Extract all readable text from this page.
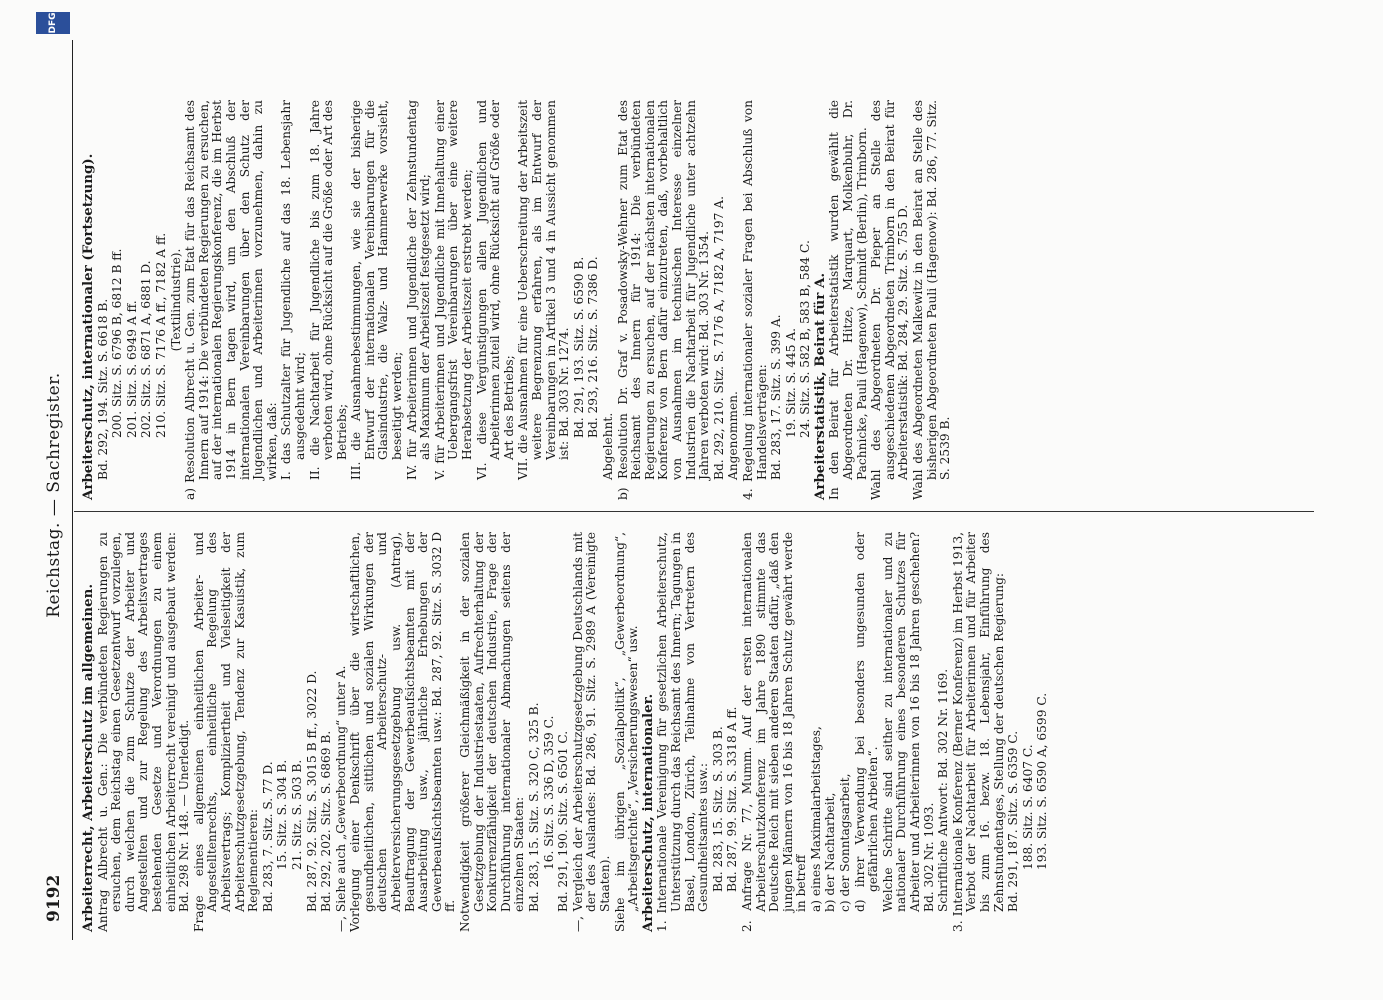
9192
Reichstag. — Sachregister.

Arbeiterrecht, Arbeiterschutz im allgemeinen. Antrag Albrecht u. Gen.: Die verbündeten Regierungen zu ersuchen, dem Reichstag einen Gesetzentwurf vorzulegen, durch welchen die zum Schutze der Arbeiter und Angestellten und zur Regelung des Arbeitsvertrages bestehenden Gesetze und Verordnungen zu einem einheitlichen Arbeiterrecht vereinigt und ausgebaut werden: Bd. 298 Nr. 148. — Unerledigt. Frage eines allgemeinen einheitlichen Arbeiter- und Angestelltenrechts, einheitliche Regelung des Arbeitsvertrags; Kompliziertheit und Vielseitigkeit der Arbeiterschutzgesetzgebung, Tendenz zur Kasuistik, zum Reglementieren: Bd. 283, 7. Sitz. S. 77 D. 15. Sitz. S. 304 B. 21. Sitz. S. 503 B. Bd. 287, 92. Sitz. S. 3015 B ff., 3022 D. Bd. 292, 202. Sitz. S. 6869 B. —, Siehe auch „Gewerbeordnung“ unter A. Vorlegung einer Denkschrift über die wirtschaftlichen, gesundheitlichen, sittlichen und sozialen Wirkungen der deutschen Arbeiterschutz- und Arbeiterversicherungsgesetzgebung usw. (Antrag), Beauftragung der Gewerbeaufsichtsbeamten mit der Ausarbeitung usw., jährliche Erhebungen der Gewerbeaufsichtsbeamten usw.: Bd. 287, 92. Sitz. S. 3032 D ff. Notwendigkeit größerer Gleichmäßigkeit in der sozialen Gesetzgebung der Industriestaaten, Aufrechterhaltung der Konkurrenzfähigkeit der deutschen Industrie, Frage der Durchführung internationaler Abmachungen seitens der einzelnen Staaten: Bd. 283, 15. Sitz. S. 320 C, 325 B. 16. Sitz. S. 336 D, 359 C. Bd. 291, 190. Sitz. S. 6501 C. —, Vergleich der Arbeiterschutzgesetzgebung Deutschlands mit der des Auslandes: Bd. 286, 91. Sitz. S. 2989 A (Vereinigte Staaten). Siehe im übrigen „Sozialpolitik“, „Gewerbeordnung“, „Arbeitsgerichte“, „Versicherungswesen“ usw. Arbeiterschutz, internationaler. 1. Internationale Vereinigung für gesetzlichen Arbeiterschutz, Unterstützung durch das Reichsamt des Innern; Tagungen in Basel, London, Zürich, Teilnahme von Vertretern des Gesundheitsamtes usw.: Bd. 283, 15. Sitz. S. 303 B. Bd. 287, 99. Sitz. S. 3318 A ff. 2. Anfrage Nr. 77, Mumm. Auf der ersten internationalen Arbeiterschutzkonferenz im Jahre 1890 stimmte das Deutsche Reich mit sieben anderen Staaten dafür, „daß den jungen Männern von 16 bis 18 Jahren Schutz gewährt werde in betreff a) eines Maximalarbeitstages, b) der Nachtarbeit, c) der Sonntagsarbeit, d) ihrer Verwendung bei besonders ungesunden oder gefährlichen Arbeiten“. Welche Schritte sind seither zu internationaler und zu nationaler Durchführung eines besonderen Schutzes für Arbeiter und Arbeiterinnen von 16 bis 18 Jahren geschehen? Bd. 302 Nr. 1093. Schriftliche Antwort: Bd. 302 Nr. 1169. 3. Internationale Konferenz (Berner Konferenz) im Herbst 1913, Verbot der Nachtarbeit für Arbeiterinnen und für Arbeiter bis zum 16. bezw. 18. Lebensjahr, Einführung des Zehnstundentages, Stellung der deutschen Regierung: Bd. 291, 187. Sitz. S. 6359 C. 188. Sitz. S. 6407 C. 193. Sitz. S. 6590 A, 6599 C.

Arbeiterschutz, internationaler (Fortsetzung). Bd. 292, 194. Sitz. S. 6618 B. 200. Sitz. S. 6796 B, 6812 B ff. 201. Sitz. S. 6949 A ff. 202. Sitz. S. 6871 A, 6881 D. 210. Sitz. S. 7176 A ff., 7182 A ff. (Textilindustrie). a) Resolution Albrecht u. Gen. zum Etat für das Reichsamt des Innern auf 1914: Die verbündeten Regierungen zu ersuchen, auf der internationalen Regierungskonferenz, die im Herbst 1914 in Bern tagen wird, um den Abschluß der internationalen Vereinbarungen über den Schutz der Jugendlichen und Arbeiterinnen vorzunehmen, dahin zu wirken, daß: I. das Schutzalter für Jugendliche auf das 18. Lebensjahr ausgedehnt wird; II. die Nachtarbeit für Jugendliche bis zum 18. Jahre verboten wird, ohne Rücksicht auf die Größe oder Art des Betriebs; III. die Ausnahmebestimmungen, wie sie der bisherige Entwurf der internationalen Vereinbarungen für die Glasindustrie, die Walz- und Hammerwerke vorsieht, beseitigt werden; IV. für Arbeiterinnen und Jugendliche der Zehnstundentag als Maximum der Arbeitszeit festgesetzt wird; V. für Arbeiterinnen und Jugendliche mit Innehaltung einer Uebergangsfrist Vereinbarungen über eine weitere Herabsetzung der Arbeitszeit erstrebt werden; VI. diese Vergünstigungen allen Jugendlichen und Arbeiterinnen zuteil wird, ohne Rücksicht auf Größe oder Art des Betriebs; VII. die Ausnahmen für eine Ueberschreitung der Arbeitszeit weitere Begrenzung erfahren, als im Entwurf der Vereinbarungen in Artikel 3 und 4 in Aussicht genommen ist: Bd. 303 Nr. 1274. Bd. 291, 193. Sitz. S. 6590 B. Bd. 293, 216. Sitz. S. 7386 D.

Abgelehnt. b) Resolution Dr. Graf v. Posadowsky-Wehner zum Etat des Reichsamt des Innern für 1914: Die verbündeten Regierungen zu ersuchen, auf der nächsten internationalen Konferenz von Bern dafür einzutreten, daß, vorbehaltlich von Ausnahmen im technischen Interesse einzelner Industrien die Nachtarbeit für Jugendliche unter achtzehn Jahren verboten wird: Bd. 303 Nr. 1354. Bd. 292, 210. Sitz. S. 7176 A, 7182 A, 7197 A. Angenommen. 4. Regelung internationaler sozialer Fragen bei Abschluß von Handelsverträgen: Bd. 283, 17. Sitz. S. 399 A. 19. Sitz. S. 445 A. 24. Sitz. S. 582 B, 583 B, 584 C. Arbeiterstatistik, Beirat für A. In den Beirat für Arbeiterstatistik wurden gewählt die Abgeordneten Dr. Hitze, Marquart, Molkenbuhr, Dr. Pachnicke, Pauli (Hagenow), Schmidt (Berlin), Trimborn. Wahl des Abgeordneten Dr. Pieper an Stelle des ausgeschiedenen Abgeordneten Trimborn in den Beirat für Arbeiterstatistik: Bd. 284, 29. Sitz. S. 755 D. Wahl des Abgeordneten Malkewitz in den Beirat an Stelle des bisherigen Abgeordneten Pauli (Hagenow): Bd. 286, 77. Sitz. S. 2539 B.

DFG
